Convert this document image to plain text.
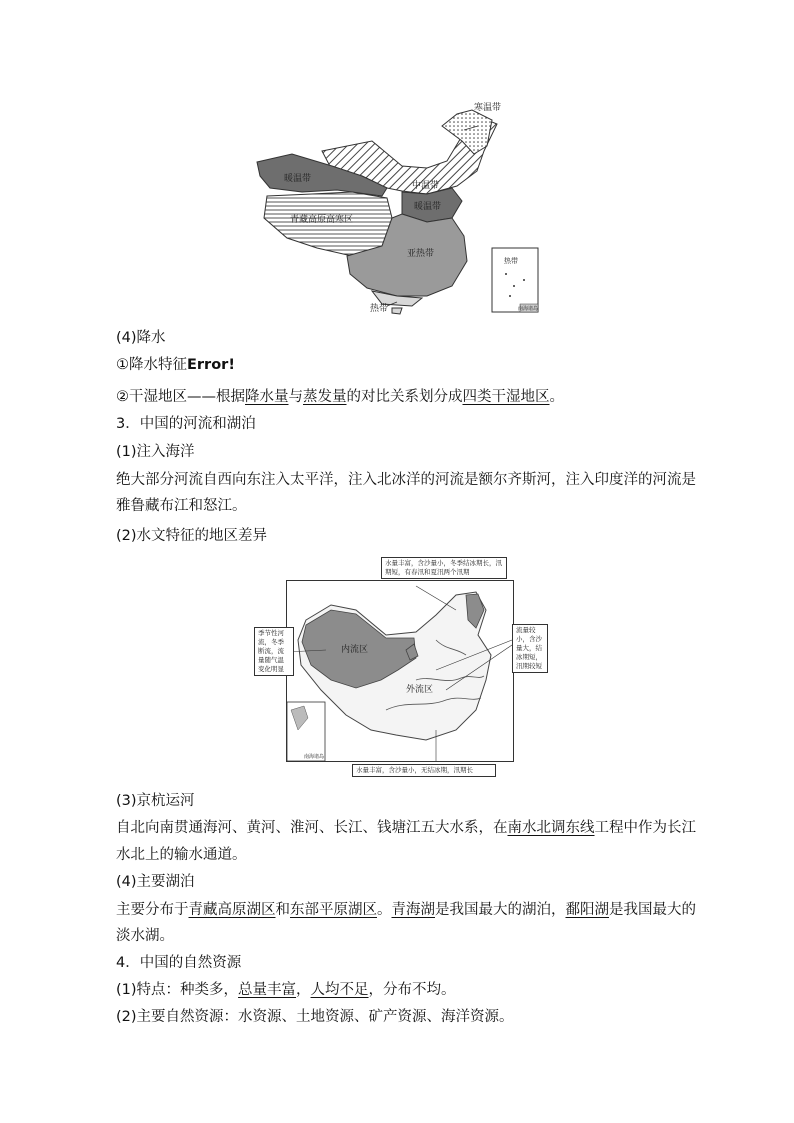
寒温带
中温带
暖温带
暖温带
青藏高原高寒区
亚热带
热带
热带
南海诸岛
(4)降水
①降水特征Error!
②干湿地区——根据降水量与蒸发量的对比关系划分成四类干湿地区。
3．中国的河流和湖泊
(1)注入海洋
绝大部分河流自西向东注入太平洋，注入北冰洋的河流是额尔齐斯河，注入印度洋的河流是
雅鲁藏布江和怒江。
(2)水文特征的地区差异
内流区
外流区
南海诸岛
水量丰富，含沙量小，冬季结冰期长，汛期短，有春汛和夏汛两个汛期
季节性河流，冬季断流，流量随气温变化明显
流量较小，含沙量大，结冰期短，汛期较短
水量丰富，含沙量小，无结冰期，汛期长
(3)京杭运河
自北向南贯通海河、黄河、淮河、长江、钱塘江五大水系，在南水北调东线工程中作为长江
水北上的输水通道。
(4)主要湖泊
主要分布于青藏高原湖区和东部平原湖区。青海湖是我国最大的湖泊，鄱阳湖是我国最大的
淡水湖。
4．中国的自然资源
(1)特点：种类多，总量丰富，人均不足，分布不均。
(2)主要自然资源：水资源、土地资源、矿产资源、海洋资源。
